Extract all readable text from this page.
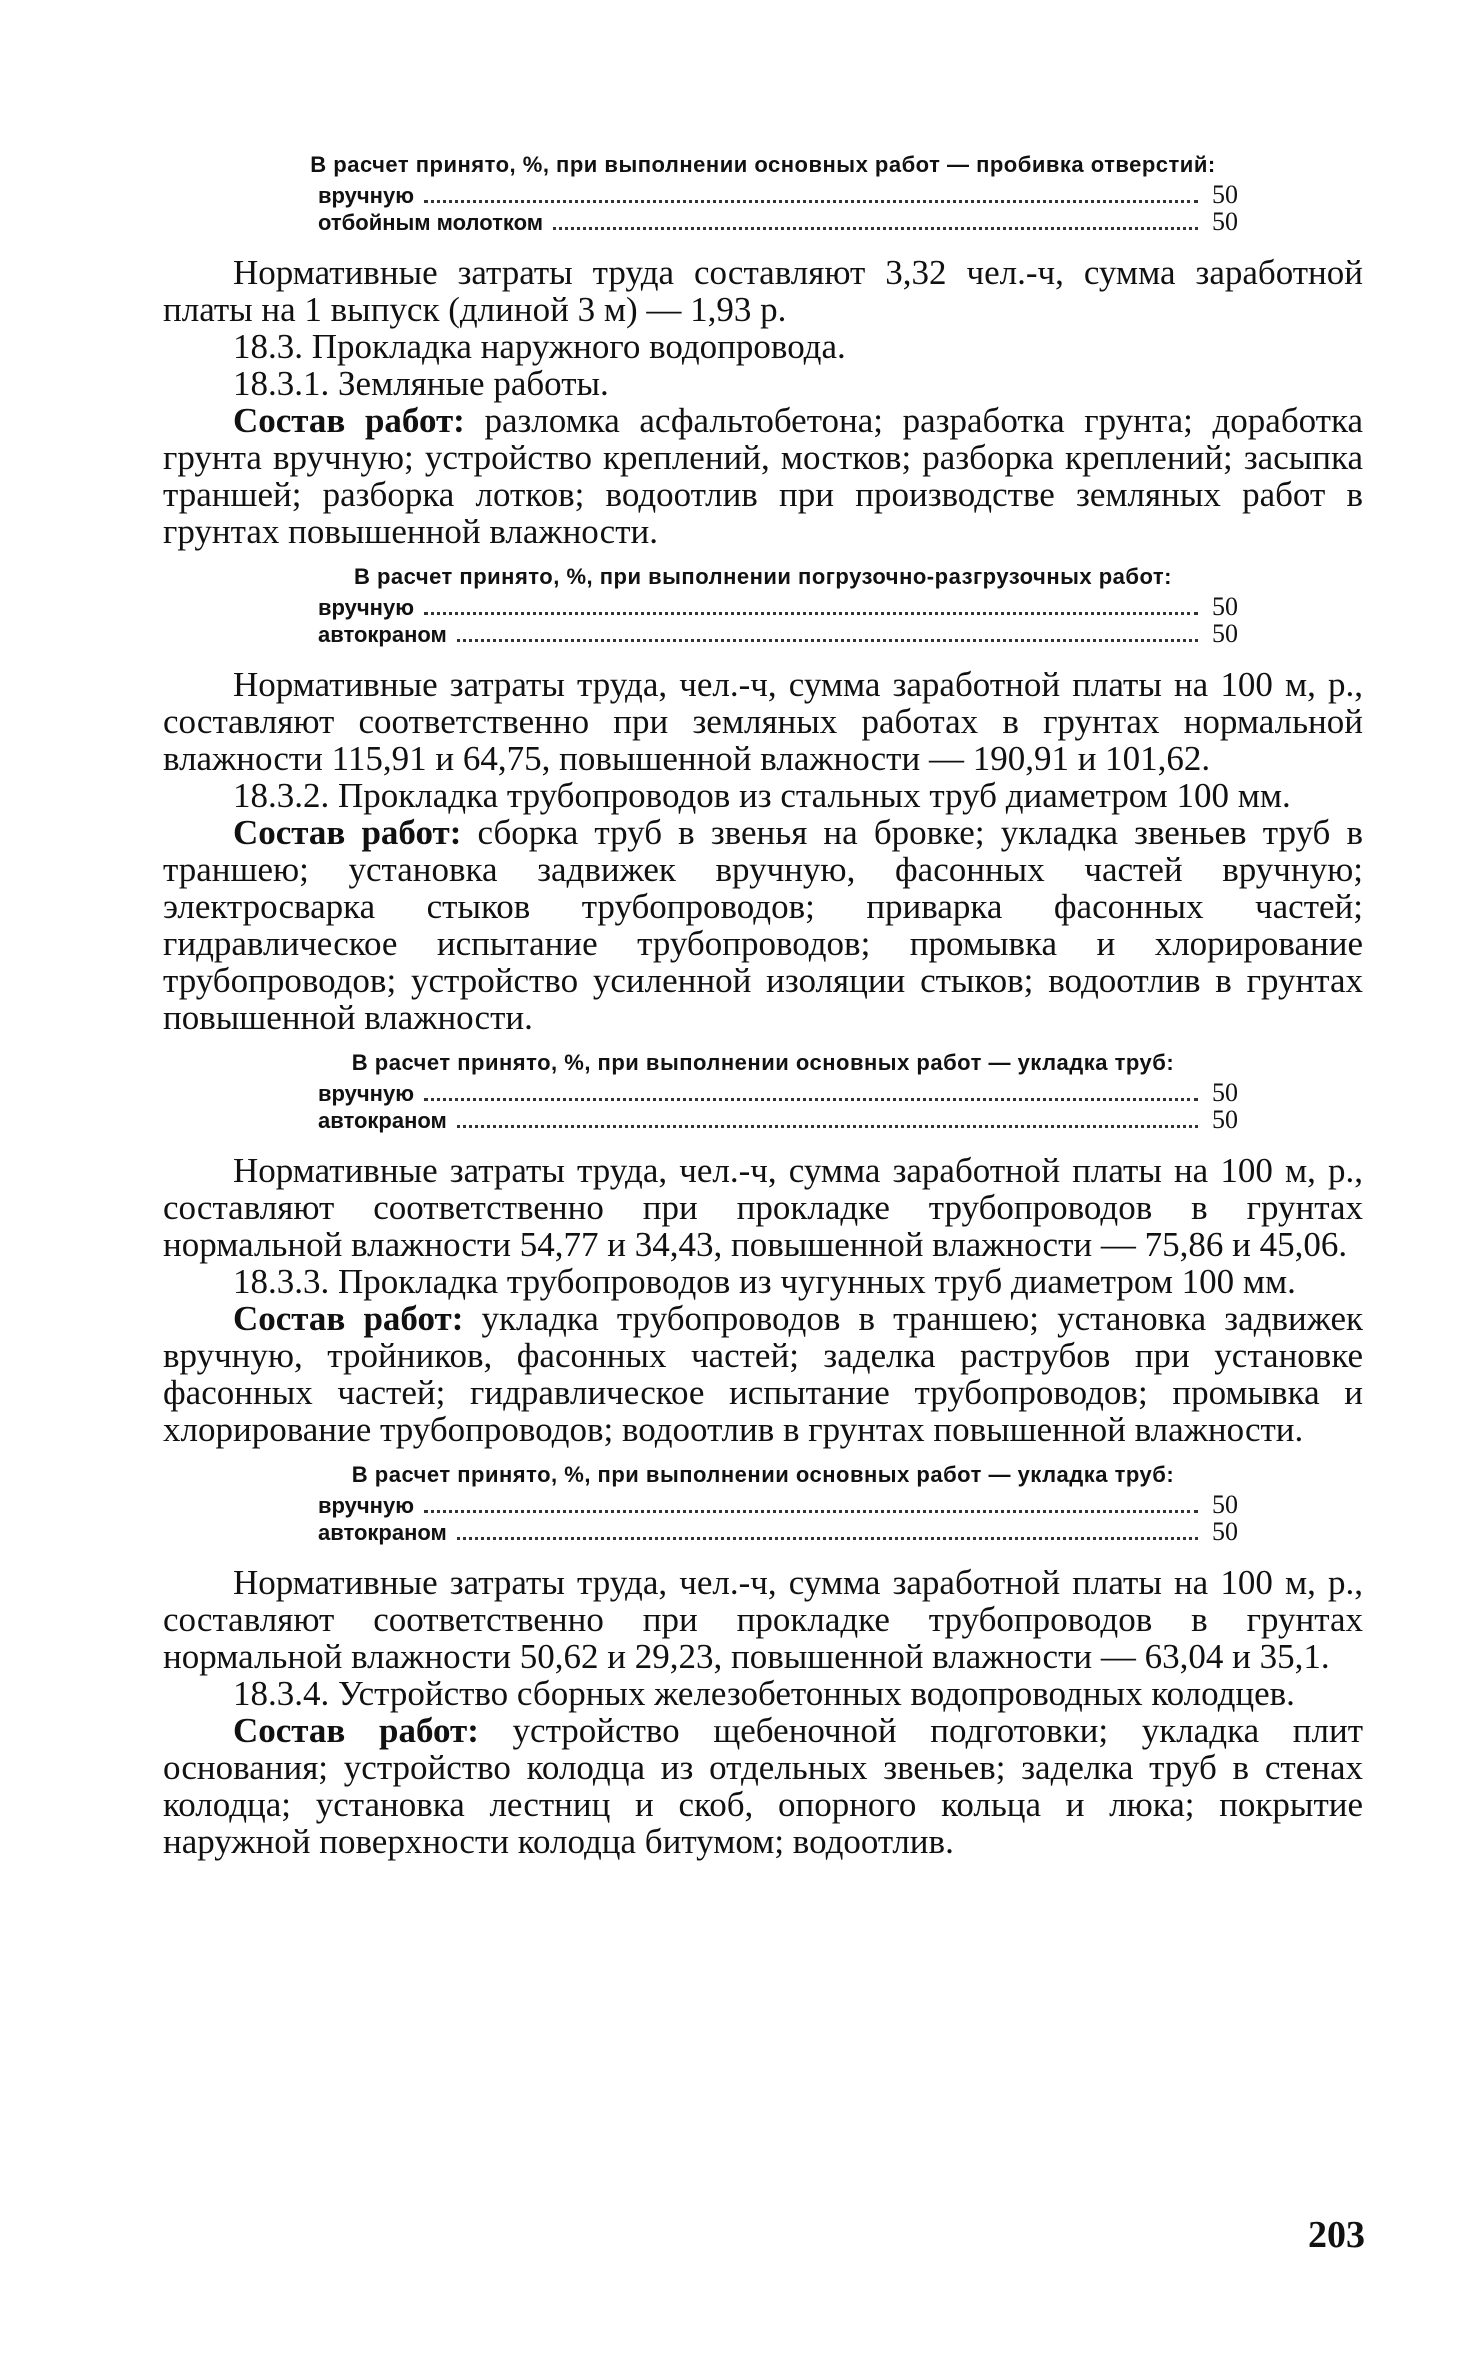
В расчет принято, %, при выполнении основных работ — пробивка отверстий:
вручную	50
отбойным молотком	50

Нормативные затраты труда составляют 3,32 чел.-ч, сумма заработной платы на 1 выпуск (длиной 3 м) — 1,93 р.

18.3. Прокладка наружного водопровода.

18.3.1. Земляные работы.

Состав работ: разломка асфальтобетона; разработка грунта; доработка грунта вручную; устройство креплений, мостков; разборка креплений; засыпка траншей; разборка лотков; водоотлив при производстве земляных работ в грунтах повышенной влажности.

В расчет принято, %, при выполнении погрузочно-разгрузочных работ:
вручную	50
автокраном	50

Нормативные затраты труда, чел.-ч, сумма заработной платы на 100 м, р., составляют соответственно при земляных работах в грунтах нормальной влажности 115,91 и 64,75, повышенной влажности — 190,91 и 101,62.

18.3.2. Прокладка трубопроводов из стальных труб диаметром 100 мм.

Состав работ: сборка труб в звенья на бровке; укладка звеньев труб в траншею; установка задвижек вручную, фасонных частей вручную; электросварка стыков трубопроводов; приварка фасонных частей; гидравлическое испытание трубопроводов; промывка и хлорирование трубопроводов; устройство усиленной изоляции стыков; водоотлив в грунтах повышенной влажности.

В расчет принято, %, при выполнении основных работ — укладка труб:
вручную	50
автокраном	50

Нормативные затраты труда, чел.-ч, сумма заработной платы на 100 м, р., составляют соответственно при прокладке трубопроводов в грунтах нормальной влажности 54,77 и 34,43, повышенной влажности — 75,86 и 45,06.

18.3.3. Прокладка трубопроводов из чугунных труб диаметром 100 мм.

Состав работ: укладка трубопроводов в траншею; установка задвижек вручную, тройников, фасонных частей; заделка раструбов при установке фасонных частей; гидравлическое испытание трубопроводов; промывка и хлорирование трубопроводов; водоотлив в грунтах повышенной влажности.

В расчет принято, %, при выполнении основных работ — укладка труб:
вручную	50
автокраном	50

Нормативные затраты труда, чел.-ч, сумма заработной платы на 100 м, р., составляют соответственно при прокладке трубопроводов в грунтах нормальной влажности 50,62 и 29,23, повышенной влажности — 63,04 и 35,1.

18.3.4. Устройство сборных железобетонных водопроводных колодцев.

Состав работ: устройство щебеночной подготовки; укладка плит основания; устройство колодца из отдельных звеньев; заделка труб в стенах колодца; установка лестниц и скоб, опорного кольца и люка; покрытие наружной поверхности колодца битумом; водоотлив.

203
